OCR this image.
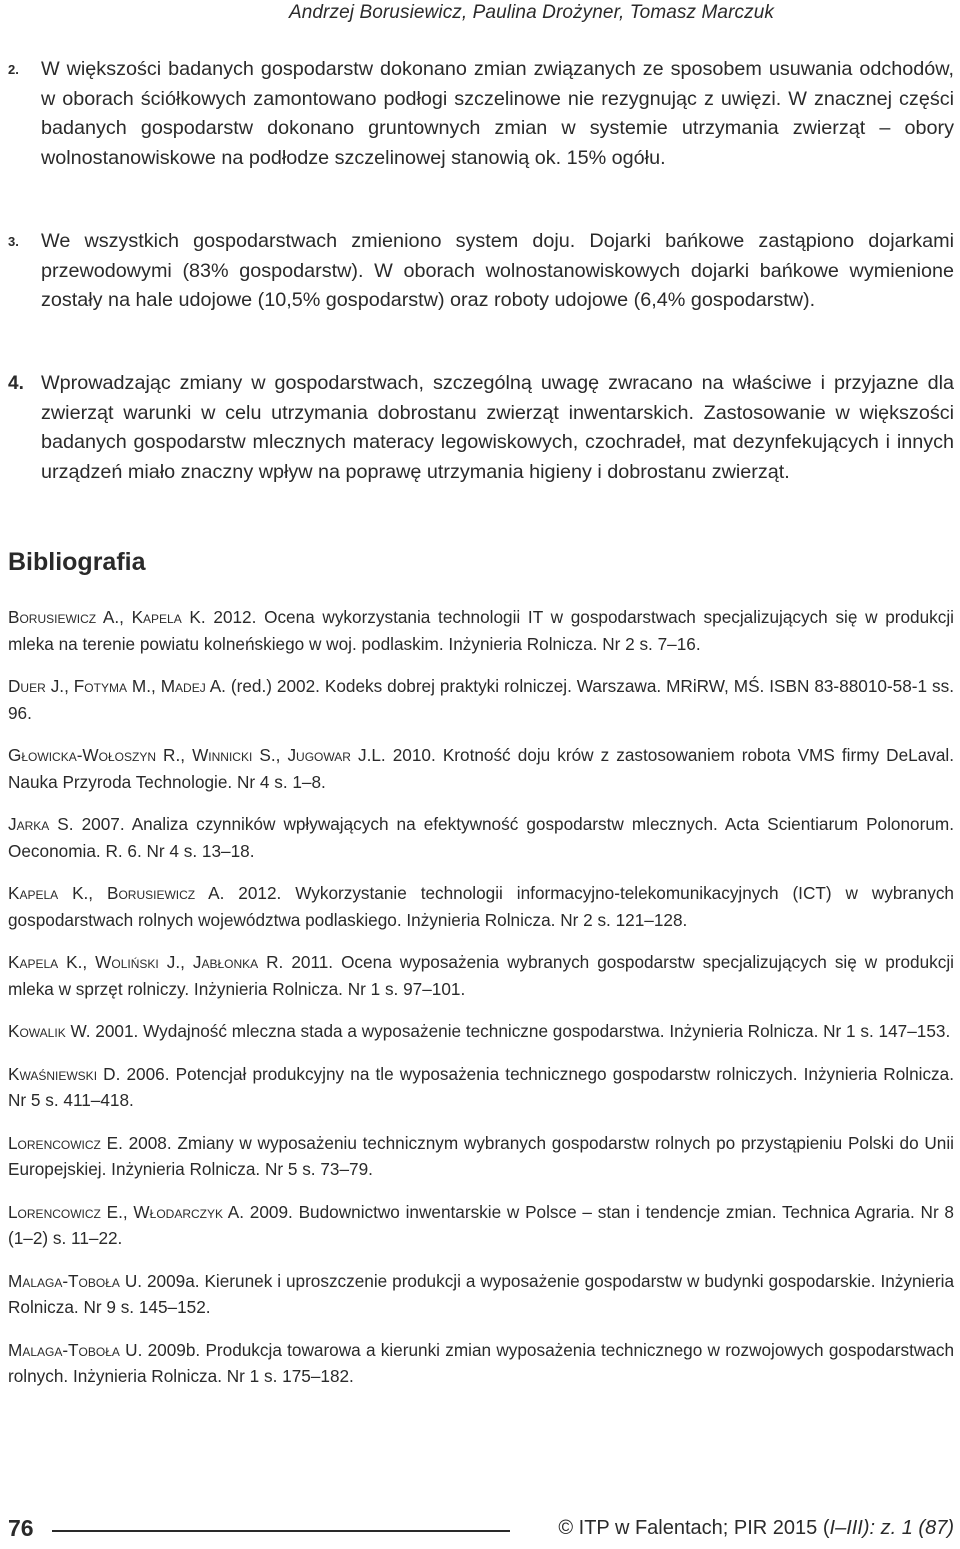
Andrzej Borusiewicz, Paulina Drożyner, Tomasz Marczuk
2.	W większości badanych gospodarstw dokonano zmian związanych ze sposobem usuwania odchodów, w oborach ściółkowych zamontowano podłogi szczelinowe nie rezygnując z uwięzi. W znacznej części badanych gospodarstw dokonano gruntownych zmian w systemie utrzymania zwierząt – obory wolnostanowiskowe na podłodze szczelinowej stanowią ok. 15% ogółu.
3.	We wszystkich gospodarstwach zmieniono system doju. Dojarki bańkowe zastąpiono dojarkami przewodowymi (83% gospodarstw). W oborach wolnostanowiskowych dojarki bańkowe wymienione zostały na hale udojowe (10,5% gospodarstw) oraz roboty udojowe (6,4% gospodarstw).
4. Wprowadzając zmiany w gospodarstwach, szczególną uwagę zwracano na właściwe i przyjazne dla zwierząt warunki w celu utrzymania dobrostanu zwierząt inwentarskich. Zastosowanie w większości badanych gospodarstw mlecznych materacy legowiskowych, czochradeł, mat dezynfekujących i innych urządzeń miało znaczny wpływ na poprawę utrzymania higieny i dobrostanu zwierząt.
Bibliografia

Borusiewicz A., Kapela K. 2012. Ocena wykorzystania technologii IT w gospodarstwach specjalizujących się w produkcji mleka na terenie powiatu kolneńskiego w woj. podlaskim. Inżynieria Rolnicza. Nr 2 s. 7–16.

Duer J., Fotyma M., Madej A. (red.) 2002. Kodeks dobrej praktyki rolniczej. Warszawa. MRiRW, MŚ. ISBN 83-88010-58-1 ss. 96.

Głowicka-Wołoszyn R., Winnicki S., Jugowar J.L. 2010. Krotność doju krów z zastosowaniem robota VMS firmy DeLaval. Nauka Przyroda Technologie. Nr 4 s. 1–8.

Jarka S. 2007. Analiza czynników wpływających na efektywność gospodarstw mlecznych. Acta Scientiarum Polonorum. Oeconomia. R. 6. Nr 4 s. 13–18.

Kapela K., Borusiewicz A. 2012. Wykorzystanie technologii informacyjno-telekomunikacyjnych (ICT) w wybranych gospodarstwach rolnych województwa podlaskiego. Inżynieria Rolnicza. Nr 2 s. 121–128.

Kapela K., Woliński J., Jabłonka R. 2011. Ocena wyposażenia wybranych gospodarstw specjalizujących się w produkcji mleka w sprzęt rolniczy. Inżynieria Rolnicza. Nr 1 s. 97–101.

Kowalik W. 2001. Wydajność mleczna stada a wyposażenie techniczne gospodarstwa. Inżynieria Rolnicza. Nr 1 s. 147–153.

Kwaśniewski D. 2006. Potencjał produkcyjny na tle wyposażenia technicznego gospodarstw rolniczych. Inżynieria Rolnicza. Nr 5 s. 411–418.

Lorencowicz E. 2008. Zmiany w wyposażeniu technicznym wybranych gospodarstw rolnych po przystąpieniu Polski do Unii Europejskiej. Inżynieria Rolnicza. Nr 5 s. 73–79.

Lorencowicz E., Włodarczyk A. 2009. Budownictwo inwentarskie w Polsce – stan i tendencje zmian. Technica Agraria. Nr 8 (1–2) s. 11–22.

Malaga-Toboła U. 2009a. Kierunek i uproszczenie produkcji a wyposażenie gospodarstw w budynki gospodarskie. Inżynieria Rolnicza. Nr 9 s. 145–152.

Malaga-Toboła U. 2009b. Produkcja towarowa a kierunki zmian wyposażenia technicznego w rozwojowych gospodarstwach rolnych. Inżynieria Rolnicza. Nr 1 s. 175–182.

76	© ITP w Falentach; PIR 2015 (I–III): z. 1 (87)
